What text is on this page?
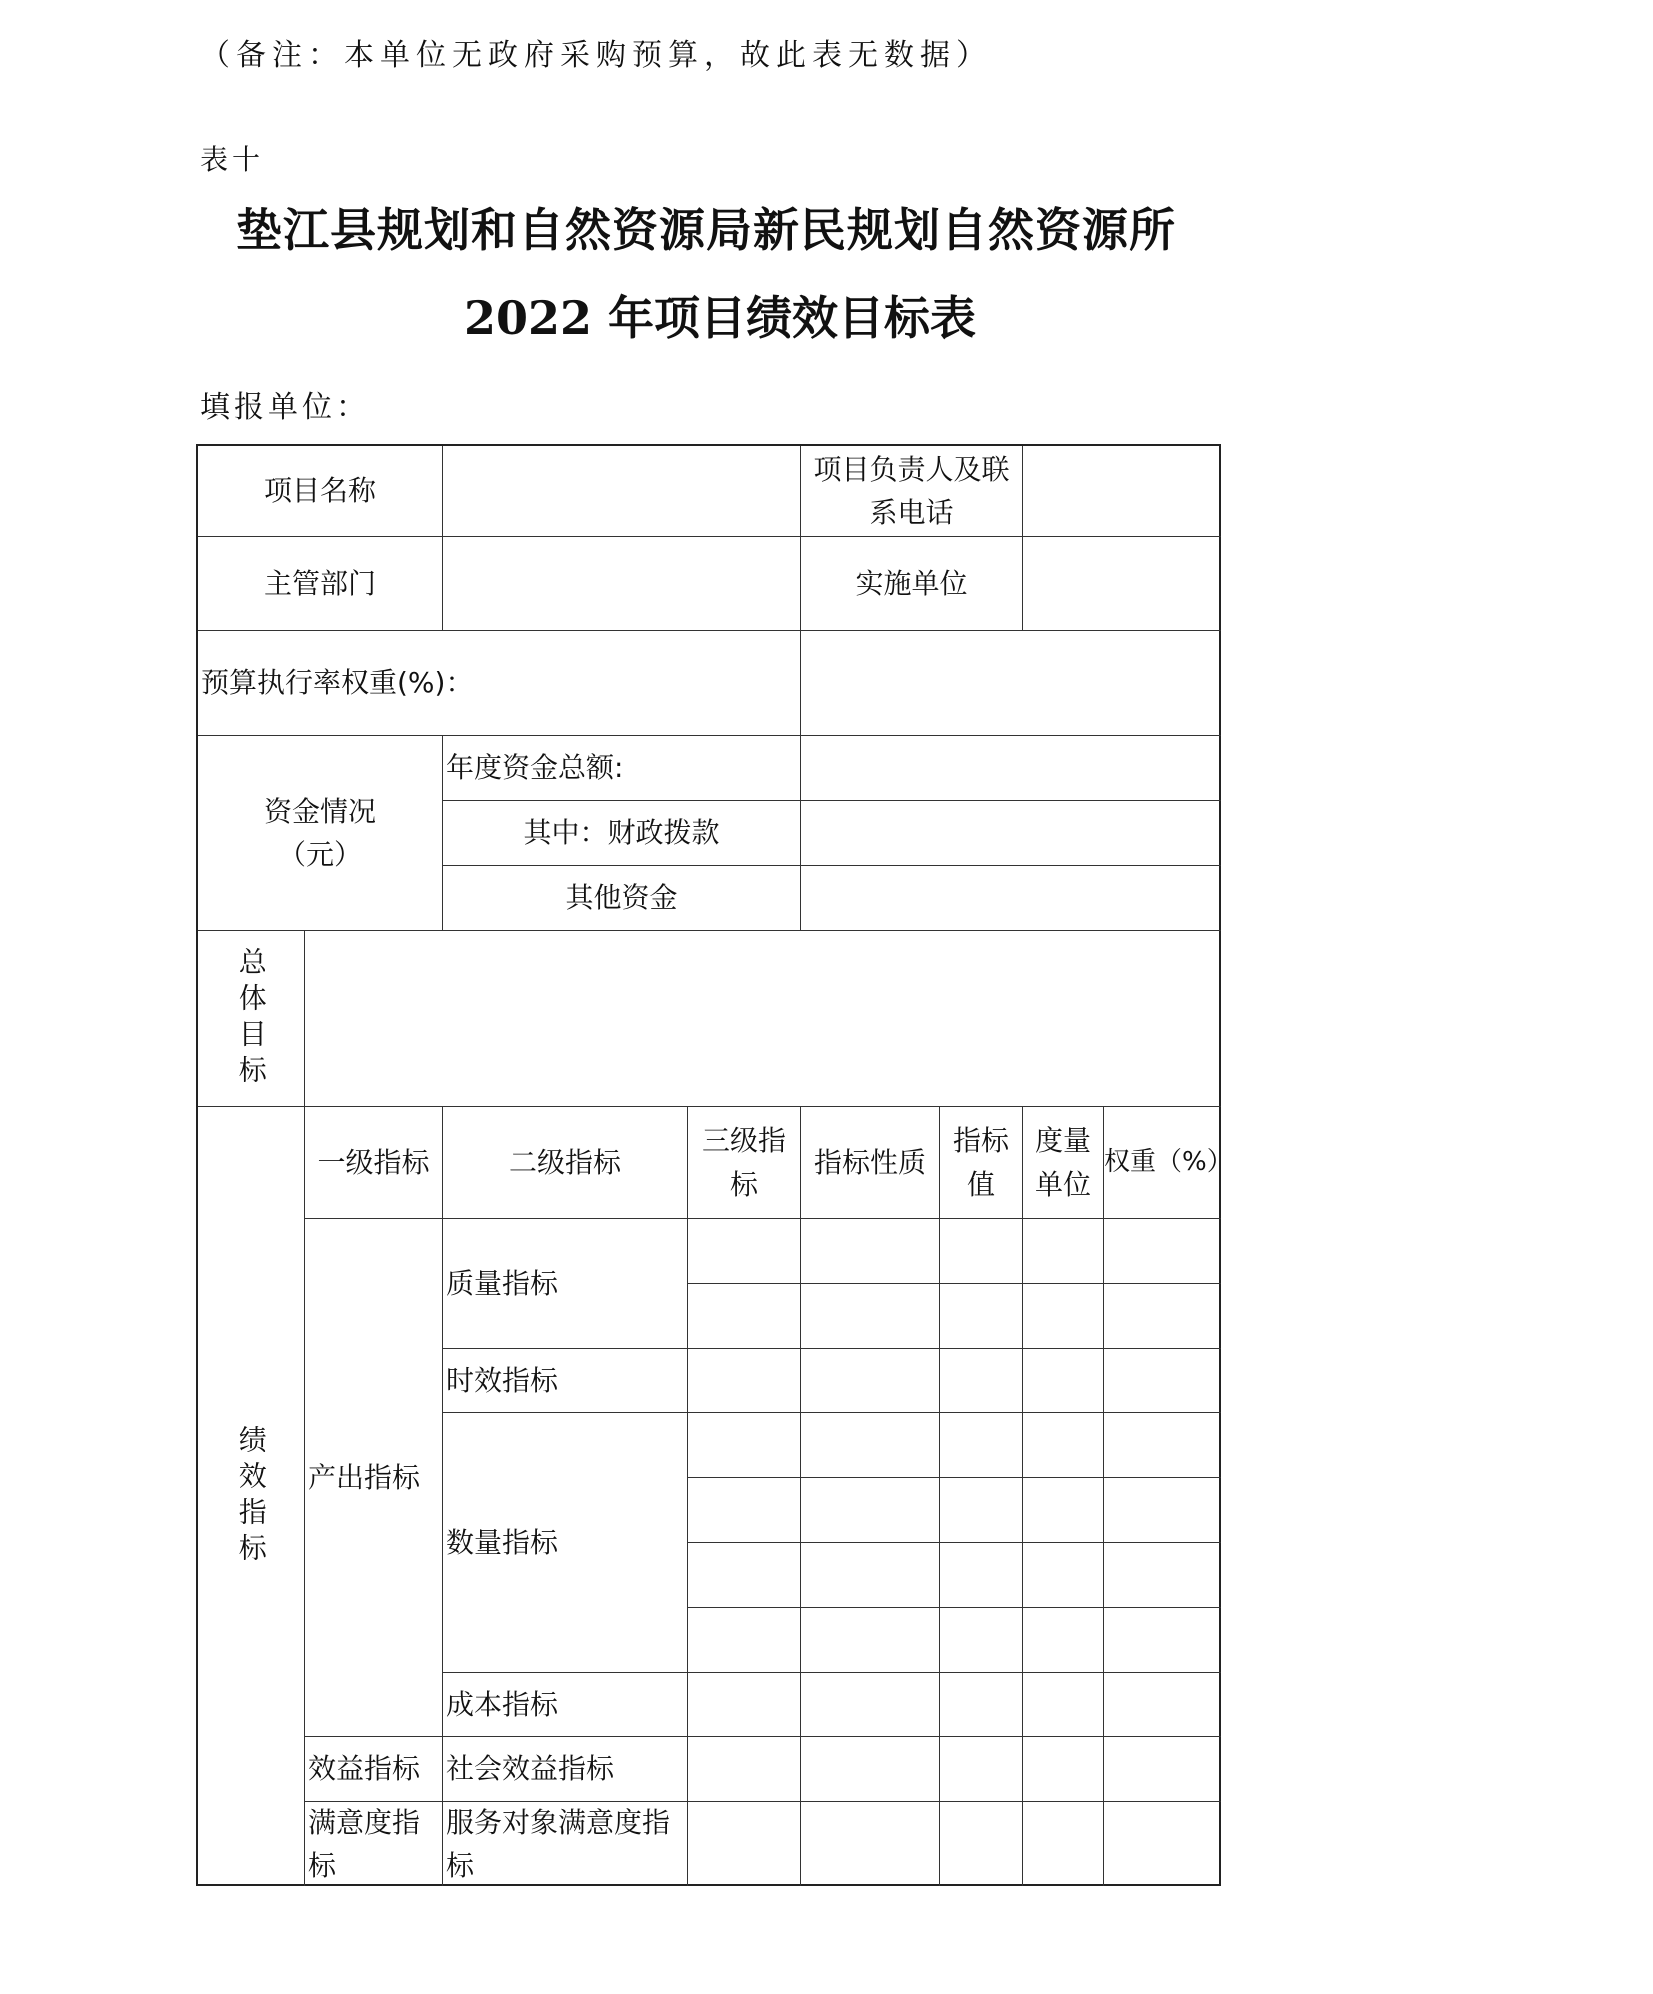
（备注：本单位无政府采购预算，故此表无数据）
表十
垫江县规划和自然资源局新民规划自然资源所
2022 年项目绩效目标表
填报单位：
项目名称
项目负责人及联系电话
主管部门	实施单位
预算执行率权重(%)：
资金情况（元）
年度资金总额:
其中：财政拨款
其他资金
总体目标
绩效指标
一级指标	二级指标
三级指标
指标性质
指标值
度量单位
权重（%）
产出指标
质量指标
时效指标
数量指标
成本指标
效益指标 社会效益指标
满意度指标
服务对象满意度指标
